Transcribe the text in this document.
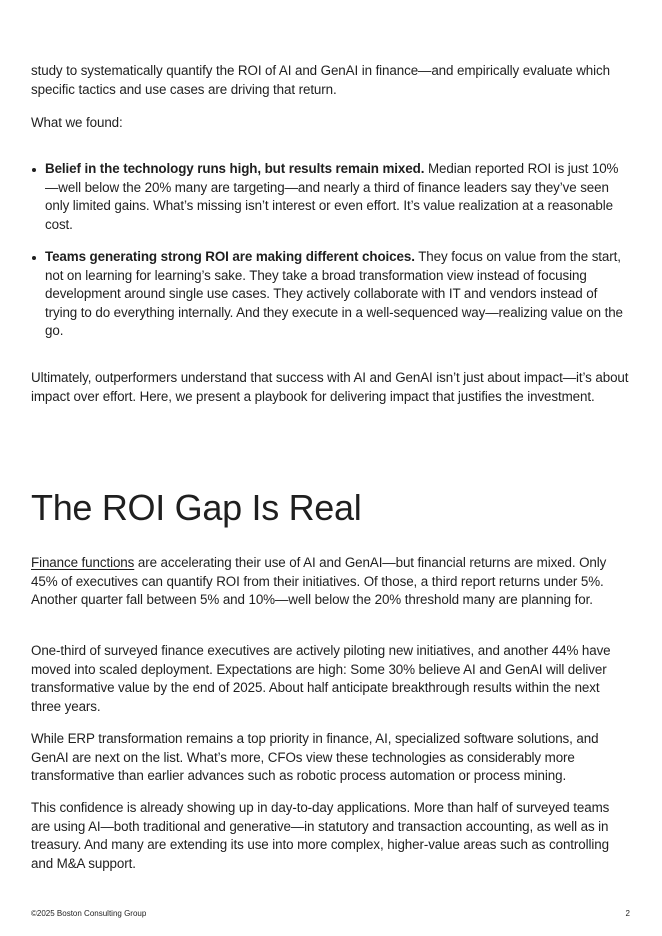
study to systematically quantify the ROI of AI and GenAI in finance—and empirically evaluate which specific tactics and use cases are driving that return.

What we found:

Belief in the technology runs high, but results remain mixed. Median reported ROI is just 10%—well below the 20% many are targeting—and nearly a third of finance leaders say they’ve seen only limited gains. What’s missing isn’t interest or even effort. It’s value realization at a reasonable cost.
Teams generating strong ROI are making different choices. They focus on value from the start, not on learning for learning’s sake. They take a broad transformation view instead of focusing development around single use cases. They actively collaborate with IT and vendors instead of trying to do everything internally. And they execute in a well-sequenced way—realizing value on the go.

Ultimately, outperformers understand that success with AI and GenAI isn’t just about impact—it’s about impact over effort. Here, we present a playbook for delivering impact that justifies the investment.

The ROI Gap Is Real

Finance functions are accelerating their use of AI and GenAI—but financial returns are mixed. Only 45% of executives can quantify ROI from their initiatives. Of those, a third report returns under 5%. Another quarter fall between 5% and 10%—well below the 20% threshold many are planning for.

One-third of surveyed finance executives are actively piloting new initiatives, and another 44% have moved into scaled deployment. Expectations are high: Some 30% believe AI and GenAI will deliver transformative value by the end of 2025. About half anticipate breakthrough results within the next three years.

While ERP transformation remains a top priority in finance, AI, specialized software solutions, and GenAI are next on the list. What’s more, CFOs view these technologies as considerably more transformative than earlier advances such as robotic process automation or process mining.

This confidence is already showing up in day-to-day applications. More than half of surveyed teams are using AI—both traditional and generative—in statutory and transaction accounting, as well as in treasury. And many are extending its use into more complex, higher-value areas such as controlling and M&A support.

©2025 Boston Consulting Group	2
